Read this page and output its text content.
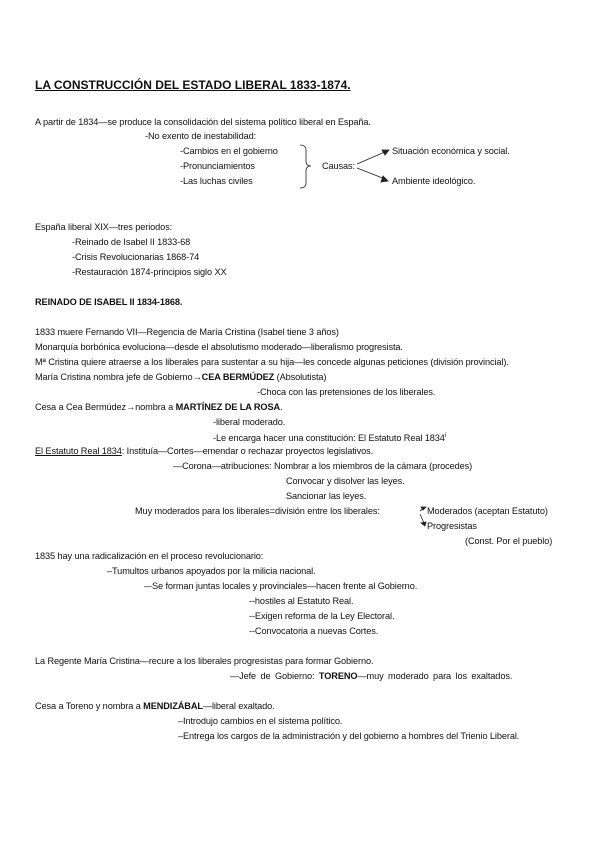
LA CONSTRUCCIÓN DEL ESTADO LIBERAL 1833-1874.
A partir de 1834—se produce la consolidación del sistema político liberal en España.
-No exento de inestabilidad:
-Cambios en el gobierno
-Pronunciamientos
-Las luchas civiles
Causas:
Situación económica y social.
Ambiente ideológico.
España liberal XIX—tres periodos:
-Reinado de Isabel II 1833-68
-Crisis Revolucionarias 1868-74
-Restauración 1874-principios siglo XX
REINADO DE ISABEL II 1834-1868.
1833 muere Fernando VII—Regencia de María Cristina (Isabel tiene 3 años)
Monarquía borbónica evoluciona—desde el absolutismo moderado—liberalismo progresista.
Mª Cristina quiere atraerse a los liberales para sustentar a su hija—les concede algunas peticiones (división provincial).
María Cristina nombra jefe de Gobierno→CEA BERMÚDEZ (Absolutista)
-Choca con las pretensiones de los liberales.
Cesa a Cea Bermúdez→nombra a MARTÍNEZ DE LA ROSA.
-liberal moderado.
-Le encarga hacer una constitución: El Estatuto Real 1834$^i$
El Estatuto Real 1834: Instituía—Cortes—emendar o rechazar proyectos legislativos.
—Corona—atribuciones: Nombrar a los miembros de la cámara (procedes)
Convocar y disolver las leyes.
Sancionar las leyes.
Muy moderados para los liberales=división entre los liberales:	Moderados (aceptan Estatuto)
Progresistas
(Const. Por el pueblo)
1835 hay una radicalización en el proceso revolucionario:
–Tumultos urbanos apoyados por la milicia nacional.
–-Se forman juntas locales y provinciales—hacen frente al Gobierno.
--hostiles al Estatuto Real.
--Exigen reforma de la Ley Electoral.
--Convocatoria a nuevas Cortes.
La Regente María Cristina—recure a los liberales progresistas para formar Gobierno.
—Jefe de Gobierno: TORENO—muy moderado para los exaltados.
Cesa a Toreno y nombra a MENDIZÁBAL—liberal exaltado.
–Introdujo cambios en el sistema político.
–Entrega los cargos de la administración y del gobierno a hombres del Trienio Liberal.
